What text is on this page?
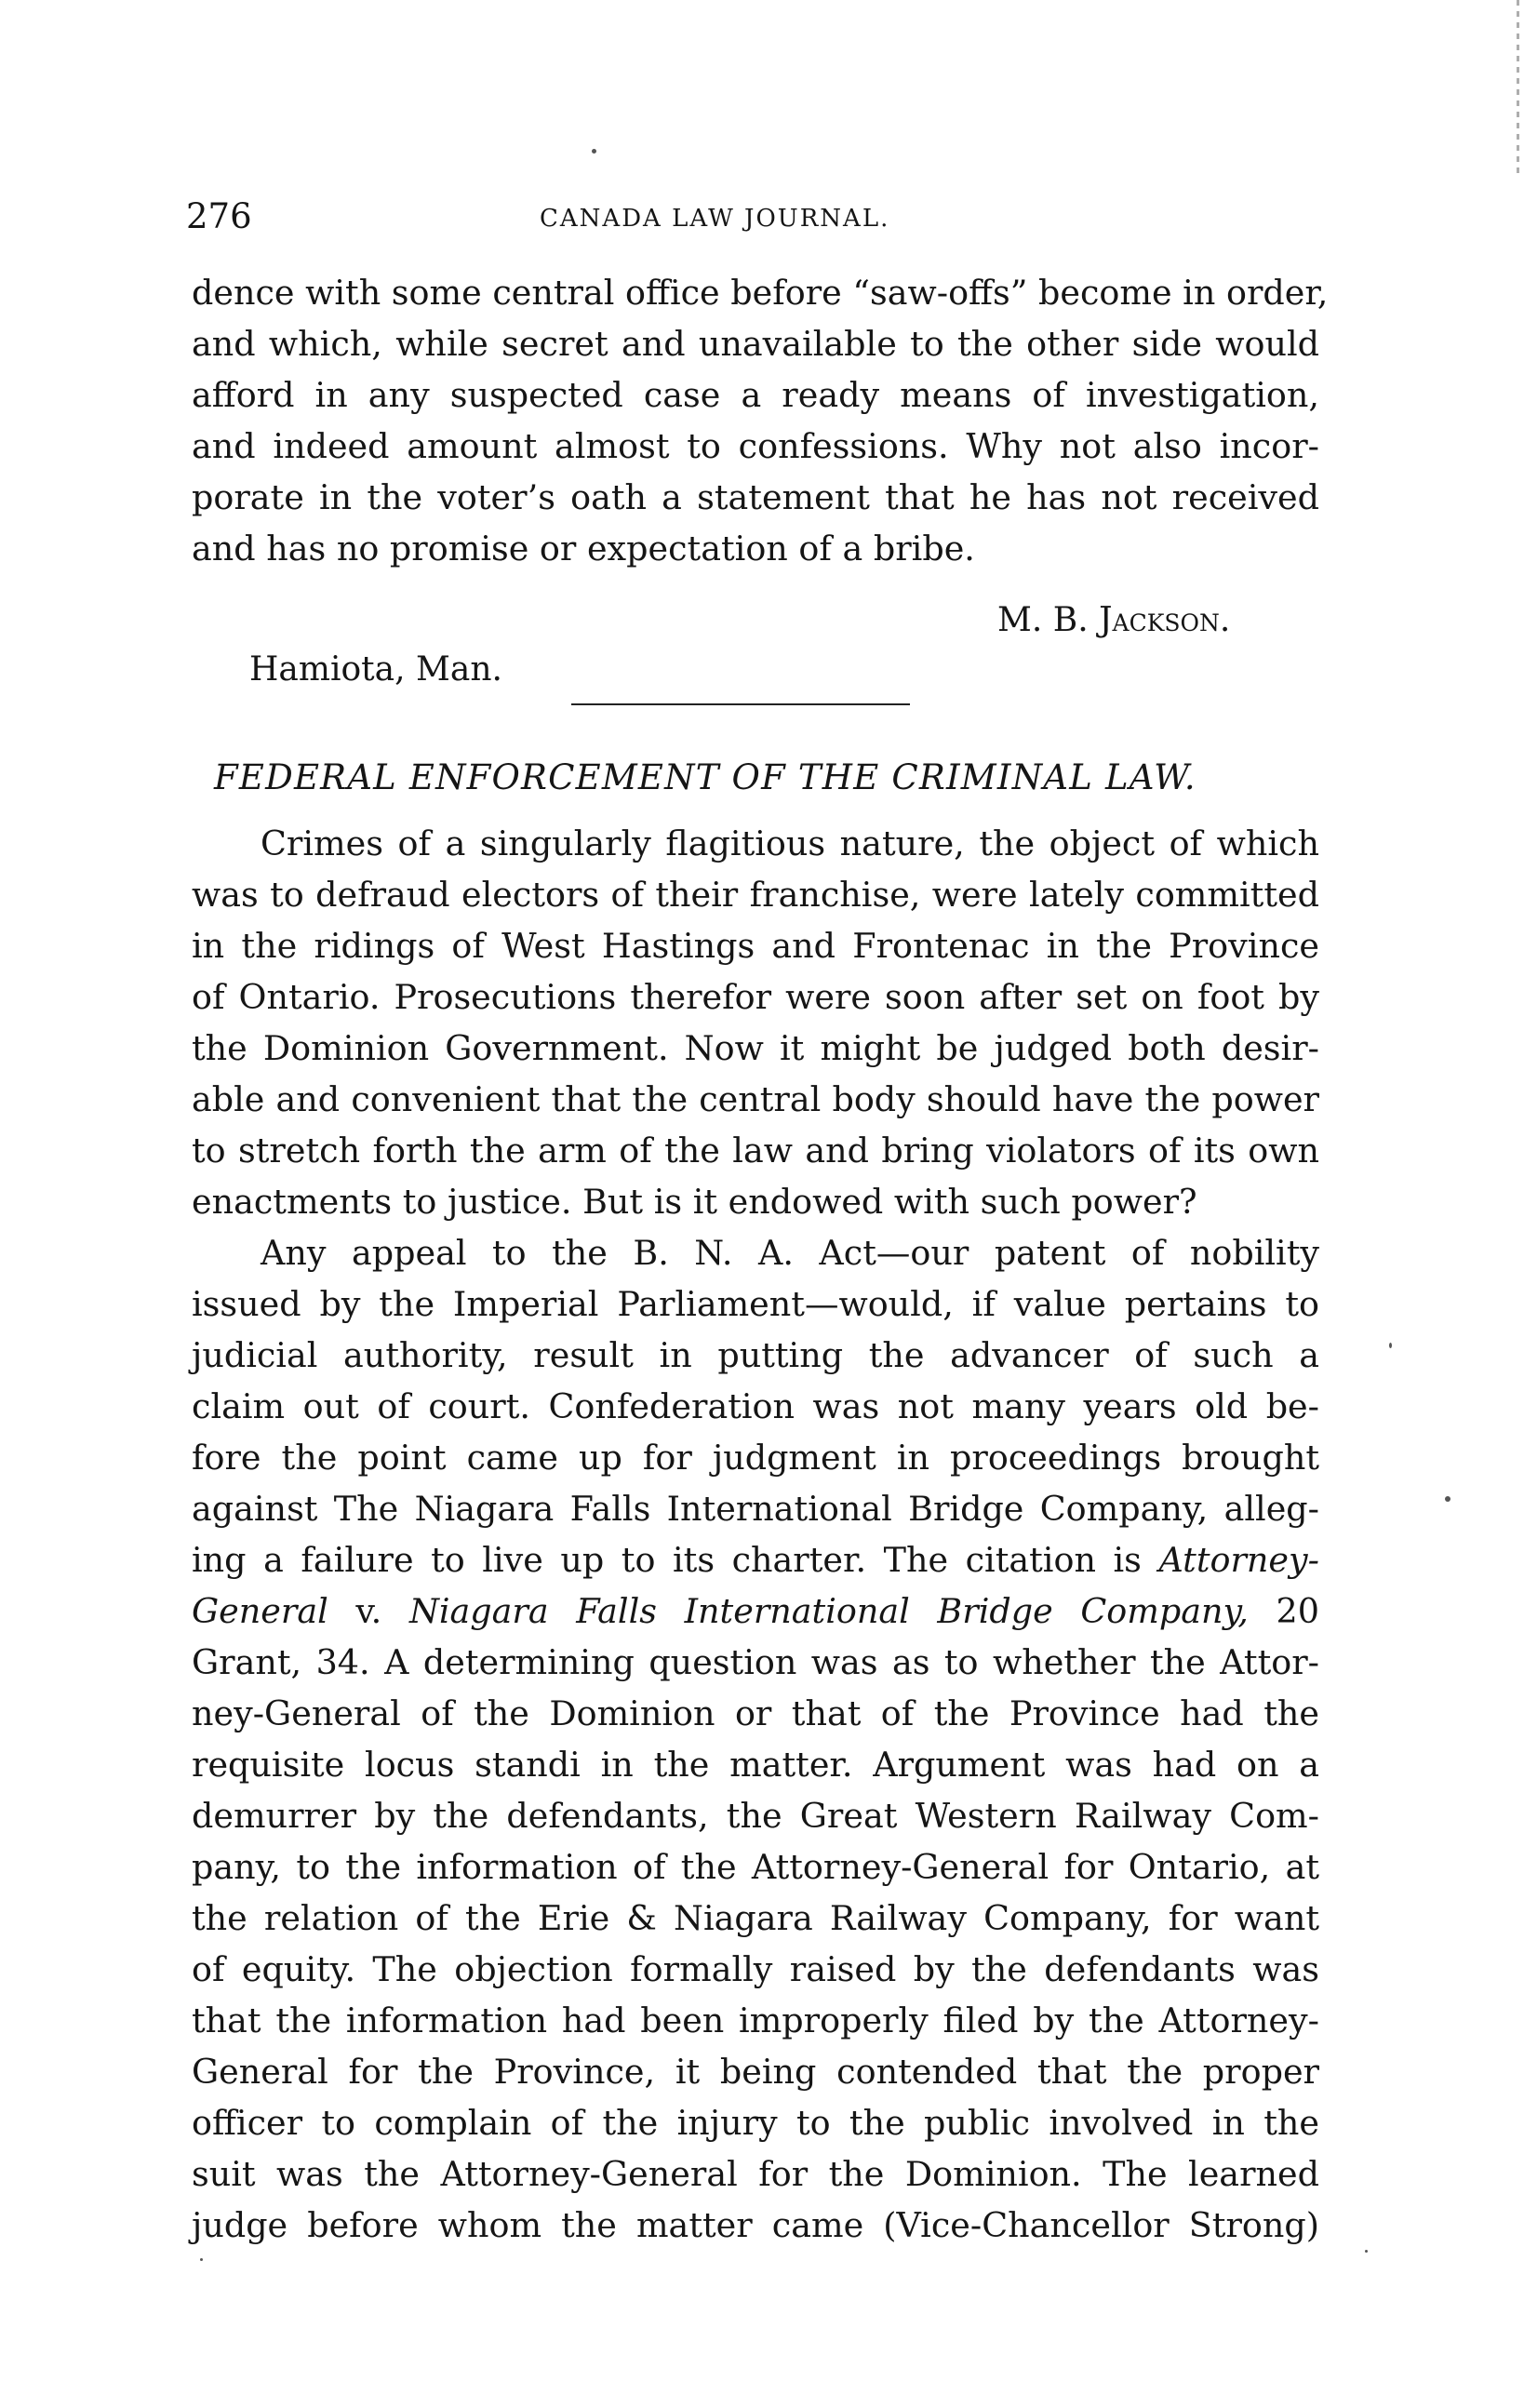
276	CANADA LAW JOURNAL.
dence with some central office before “saw-offs” become in order,
and which, while secret and unavailable to the other side would
afford in any suspected case a ready means of investigation,
and indeed amount almost to confessions. Why not also incor-
porate in the voter’s oath a statement that he has not received
and has no promise or expectation of a bribe.
M. B. Jackson.
Hamiota, Man.
FEDERAL ENFORCEMENT OF THE CRIMINAL LAW.
Crimes of a singularly flagitious nature, the object of which
was to defraud electors of their franchise, were lately committed
in the ridings of West Hastings and Frontenac in the Province
of Ontario. Prosecutions therefor were soon after set on foot by
the Dominion Government. Now it might be judged both desir-
able and convenient that the central body should have the power
to stretch forth the arm of the law and bring violators of its own
enactments to justice. But is it endowed with such power?
Any appeal to the B. N. A. Act—our patent of nobility
issued by the Imperial Parliament—would, if value pertains to
judicial authority, result in putting the advancer of such a
claim out of court. Confederation was not many years old be-
fore the point came up for judgment in proceedings brought
against The Niagara Falls International Bridge Company, alleg-
ing a failure to live up to its charter. The citation is Attorney-
General v. Niagara Falls International Bridge Company, 20
Grant, 34. A determining question was as to whether the Attor-
ney-General of the Dominion or that of the Province had the
requisite locus standi in the matter. Argument was had on a
demurrer by the defendants, the Great Western Railway Com-
pany, to the information of the Attorney-General for Ontario, at
the relation of the Erie & Niagara Railway Company, for want
of equity. The objection formally raised by the defendants was
that the information had been improperly filed by the Attorney-
General for the Province, it being contended that the proper
officer to complain of the injury to the public involved in the
suit was the Attorney-General for the Dominion. The learned
judge before whom the matter came (Vice-Chancellor Strong)
